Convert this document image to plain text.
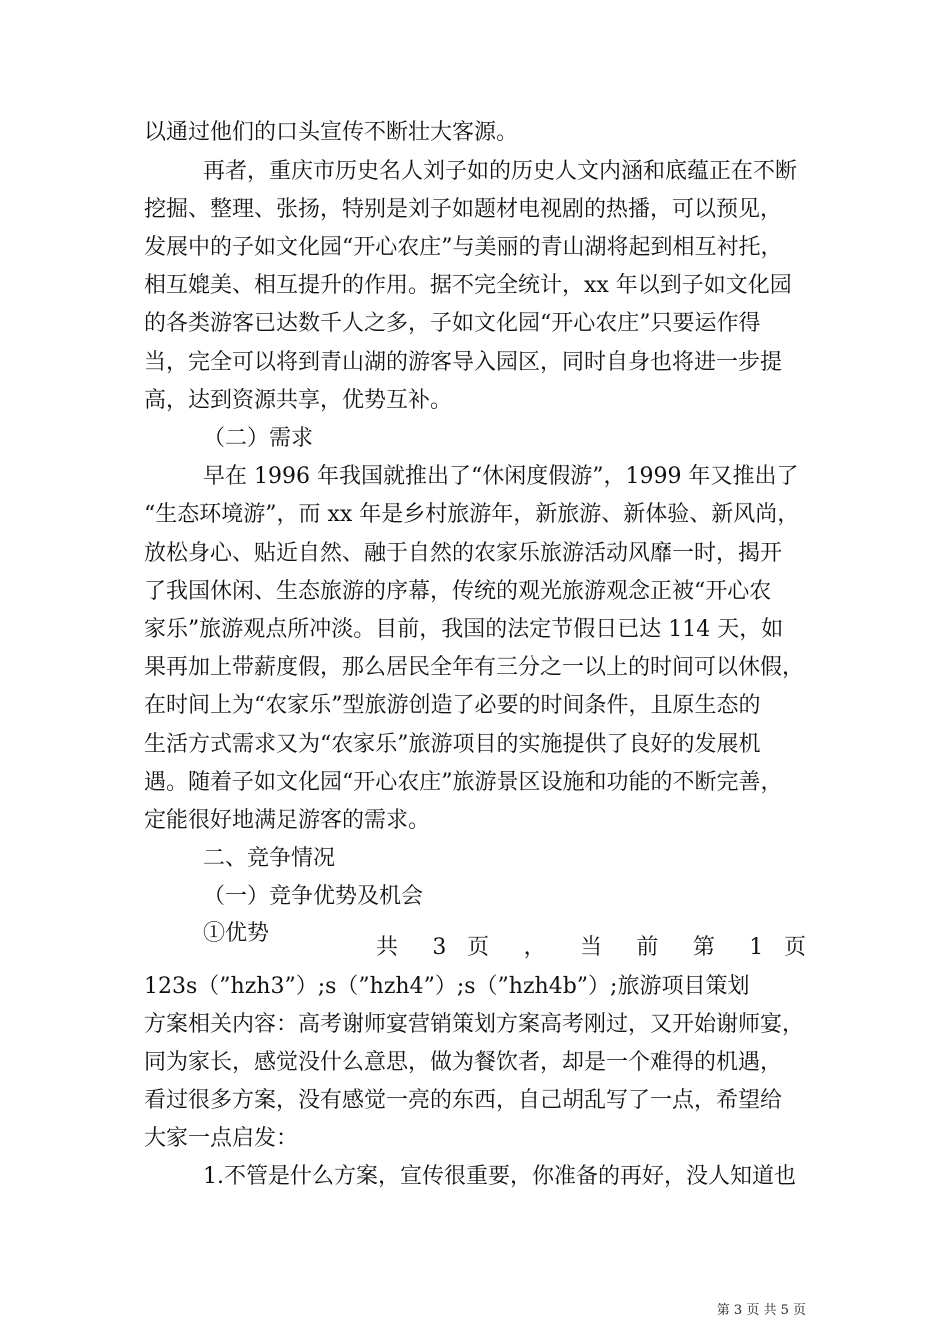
以通过他们的口头宣传不断壮大客源。
再者，重庆市历史名人刘子如的历史人文内涵和底蕴正在不断
挖掘、整理、张扬，特别是刘子如题材电视剧的热播，可以预见，
发展中的子如文化园“开心农庄”与美丽的青山湖将起到相互衬托，
相互媲美、相互提升的作用。据不完全统计，xx 年以到子如文化园
的各类游客已达数千人之多，子如文化园“开心农庄”只要运作得
当，完全可以将到青山湖的游客导入园区，同时自身也将进一步提
高，达到资源共享，优势互补。
（二）需求
早在 1996 年我国就推出了“休闲度假游”，1999 年又推出了
“生态环境游”，而 xx 年是乡村旅游年，新旅游、新体验、新风尚，
放松身心、贴近自然、融于自然的农家乐旅游活动风靡一时，揭开
了我国休闲、生态旅游的序幕，传统的观光旅游观念正被“开心农
家乐”旅游观点所冲淡。目前，我国的法定节假日已达 114 天，如
果再加上带薪度假，那么居民全年有三分之一以上的时间可以休假，
在时间上为“农家乐”型旅游创造了必要的时间条件，且原生态的
生活方式需求又为“农家乐”旅游项目的实施提供了良好的发展机
遇。随着子如文化园“开心农庄”旅游景区设施和功能的不断完善，
定能很好地满足游客的需求。
二、竞争情况
（一）竞争优势及机会
①优势
共 3 页 ， 当 前 第 1 页
123s（”hzh3”）;s（”hzh4”）;s（”hzh4b”）;旅游项目策划
方案相关内容：高考谢师宴营销策划方案高考刚过，又开始谢师宴，
同为家长，感觉没什么意思，做为餐饮者，却是一个难得的机遇，
看过很多方案，没有感觉一亮的东西，自己胡乱写了一点，希望给
大家一点启发：
1.不管是什么方案，宣传很重要，你准备的再好，没人知道也
第 3 页 共 5 页
